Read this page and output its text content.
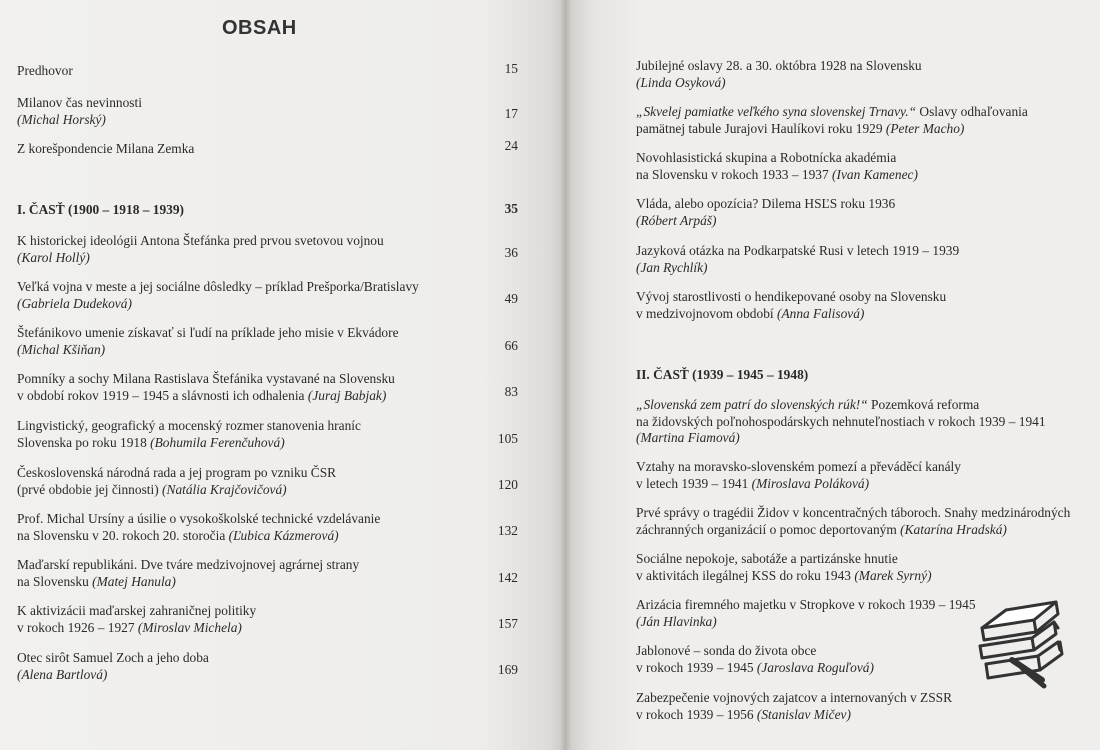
OBSAH
Predhovor	15
Milanov čas nevinnosti
(Michal Horský)	17
Z korešpondencie Milana Zemka	24
I. ČASŤ (1900 – 1918 – 1939)	35
K historickej ideológii Antona Štefánka pred prvou svetovou vojnou
(Karol Hollý)	36
Veľká vojna v meste a jej sociálne dôsledky – príklad Prešporka/Bratislavy
(Gabriela Dudeková)	49
Štefánikovo umenie získavať si ľudí na príklade jeho misie v Ekvádore
(Michal Kšiňan)	66
Pomníky a sochy Milana Rastislava Štefánika vystavané na Slovensku
v období rokov 1919 – 1945 a slávnosti ich odhalenia (Juraj Babjak)	83
Lingvistický, geografický a mocenský rozmer stanovenia hraníc
Slovenska po roku 1918 (Bohumila Ferenčuhová)	105
Československá národná rada a jej program po vzniku ČSR
(prvé obdobie jej činnosti) (Natália Krajčovičová)	120
Prof. Michal Ursíny a úsilie o vysokoškolské technické vzdelávanie
na Slovensku v 20. rokoch 20. storočia (Ľubica Kázmerová)	132
Maďarskí republikáni. Dve tváre medzivojnovej agrárnej strany
na Slovensku (Matej Hanula)	142
K aktivizácii maďarskej zahraničnej politiky
v rokoch 1926 – 1927 (Miroslav Michela)	157
Otec sirôt Samuel Zoch a jeho doba
(Alena Bartlová)	169
Jubilejné oslavy 28. a 30. októbra 1928 na Slovensku
(Linda Osyková)
„Skvelej pamiatke veľkého syna slovenskej Trnavy.“ Oslavy odhaľovania
pamätnej tabule Jurajovi Haulíkovi roku 1929 (Peter Macho)
Novohlasistická skupina a Robotnícka akadémia
na Slovensku v rokoch 1933 – 1937 (Ivan Kamenec)
Vláda, alebo opozícia? Dilema HSĽS roku 1936
(Róbert Arpáš)
Jazyková otázka na Podkarpatské Rusi v letech 1919 – 1939
(Jan Rychlík)
Vývoj starostlivosti o hendikepované osoby na Slovensku
v medzivojnovom období (Anna Falisová)
II. ČASŤ (1939 – 1945 – 1948)
„Slovenská zem patrí do slovenských rúk!“ Pozemková reforma
na židovských poľnohospodárskych nehnuteľnostiach v rokoch 1939 – 1941
(Martina Fiamová)
Vztahy na moravsko-slovenském pomezí a převáděcí kanály
v letech 1939 – 1941 (Miroslava Poláková)
Prvé správy o tragédii Židov v koncentračných táboroch. Snahy medzinárodných
záchranných organizácií o pomoc deportovaným (Katarína Hradská)
Sociálne nepokoje, sabotáže a partizánske hnutie
v aktivitách ilegálnej KSS do roku 1943 (Marek Syrný)
Arizácia firemného majetku v Stropkove v rokoch 1939 – 1945
(Ján Hlavinka)
Jablonové – sonda do života obce
v rokoch 1939 – 1945 (Jaroslava Roguľová)
Zabezpečenie vojnových zajatcov a internovaných v ZSSR
v rokoch 1939 – 1956 (Stanislav Mičev)
